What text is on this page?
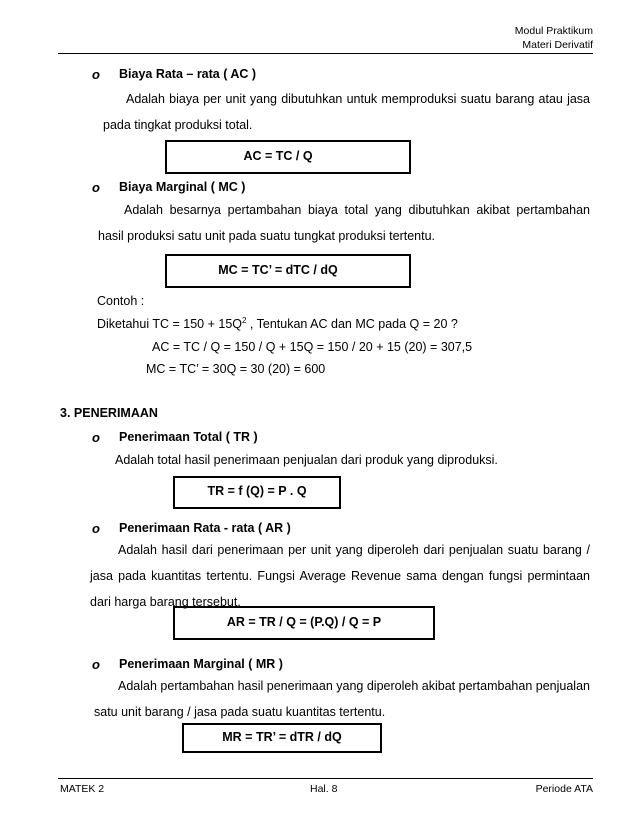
Modul Praktikum
Materi Derivatif
o Biaya Rata – rata ( AC )
Adalah biaya per unit yang dibutuhkan untuk memproduksi suatu barang atau jasa pada tingkat produksi total.
AC = TC / Q
o Biaya Marginal ( MC )
Adalah besarnya pertambahan biaya total yang dibutuhkan akibat pertambahan hasil produksi satu unit pada suatu tungkat produksi tertentu.
MC = TC’ = dTC / dQ
Contoh :
Diketahui TC = $150 + 15Q^2$ , Tentukan AC dan MC pada Q = 20 ?
AC = TC / Q = 150 / Q + 15Q = 150 / 20 + 15 (20) = 307,5
MC = TC’ = 30Q = 30 (20) = 600
3. PENERIMAAN
o Penerimaan Total ( TR )
Adalah total hasil penerimaan penjualan dari produk yang diproduksi.
TR = f (Q) = P . Q
o Penerimaan Rata - rata ( AR )
Adalah hasil dari penerimaan per unit yang diperoleh dari penjualan suatu barang / jasa pada kuantitas tertentu. Fungsi Average Revenue sama dengan fungsi permintaan dari harga barang tersebut.
AR = TR / Q = (P.Q) / Q = P
o Penerimaan Marginal ( MR )
Adalah pertambahan hasil penerimaan yang diperoleh akibat pertambahan penjualan satu unit barang / jasa pada suatu kuantitas tertentu.
MR = TR’ = dTR / dQ
MATEK 2	Hal. 8	Periode ATA
